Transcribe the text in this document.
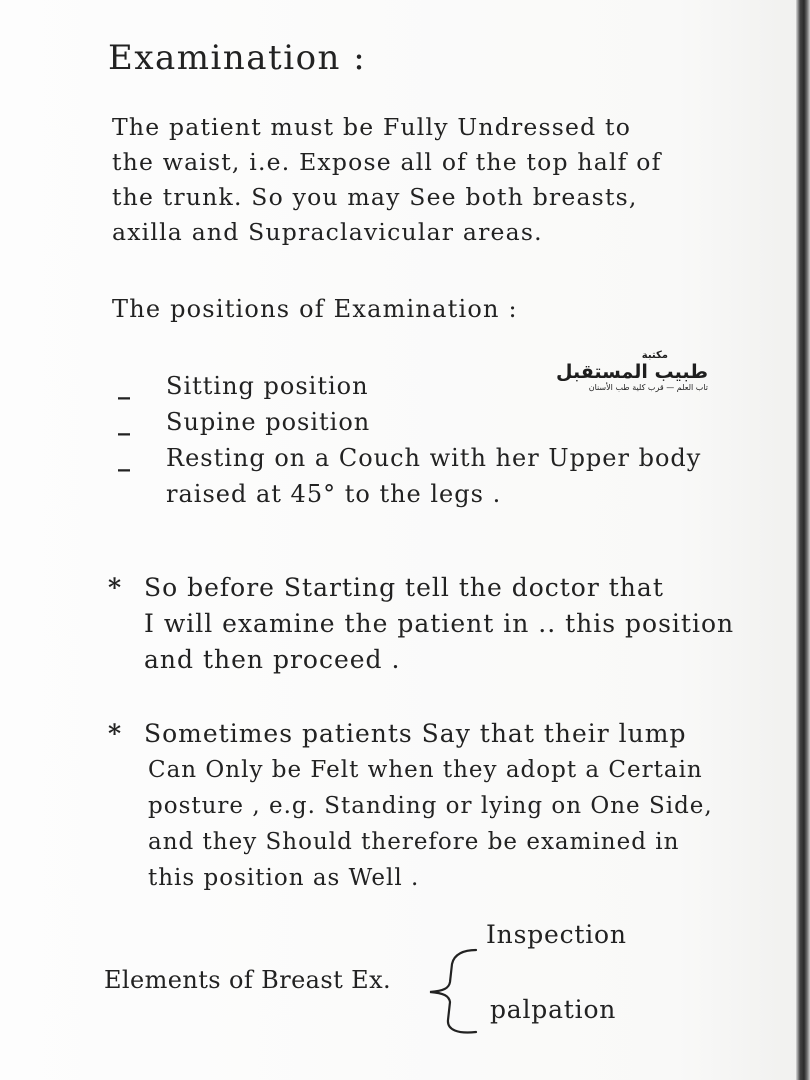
Examination :

The patient must be Fully Undressed to
the waist, i.e. Expose all of the top half of
the trunk. So you may See both breasts,
axilla and Supraclavicular areas.

The positions of Examination :

_	Sitting position
_	Supine position
_	Resting on a Couch with her Upper body
raised at 45° to the legs .
مكتبة
طبيب المستقبل
تاب العلم — قرب كلية طب الأسنان
* So before Starting tell the doctor that
I will examine the patient in .. this position
and then proceed .
* Sometimes patients Say that their lump
Can Only be Felt when they adopt a Certain
posture , e.g. Standing or lying on One Side,
and they Should therefore be examined in
this position as Well .

Elements of Breast Ex.

Inspection

palpation
